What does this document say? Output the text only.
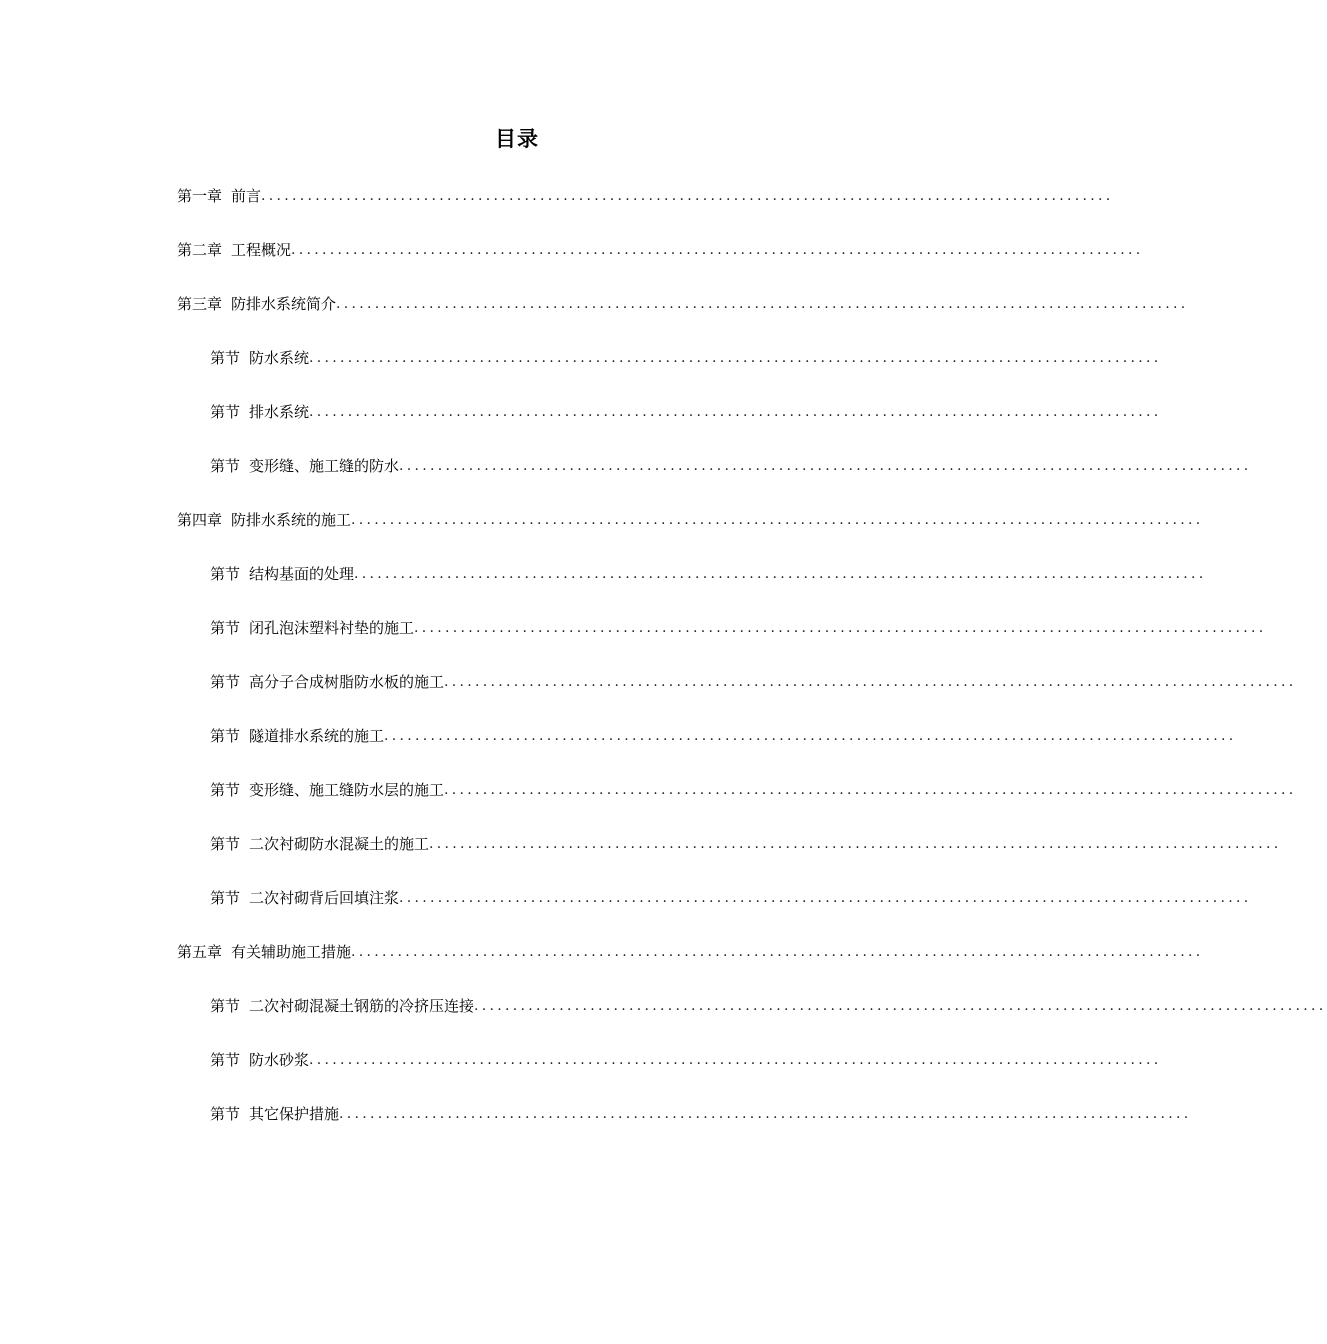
目录
第一章 前言 ..............................................................................................................
第二章 工程概况 ..............................................................................................................
第三章 防排水系统简介 ..............................................................................................................
第节 防水系统 ..............................................................................................................
第节 排水系统 ..............................................................................................................
第节 变形缝、施工缝的防水 ..............................................................................................................
第四章 防排水系统的施工 ..............................................................................................................
第节 结构基面的处理 ..............................................................................................................
第节 闭孔泡沫塑料衬垫的施工 ..............................................................................................................
第节 高分子合成树脂防水板的施工 ..............................................................................................................
第节 隧道排水系统的施工 ..............................................................................................................
第节 变形缝、施工缝防水层的施工 ..............................................................................................................
第节 二次衬砌防水混凝土的施工 ..............................................................................................................
第节 二次衬砌背后回填注浆 ..............................................................................................................
第五章 有关辅助施工措施 ..............................................................................................................
第节 二次衬砌混凝土钢筋的冷挤压连接 ..............................................................................................................
第节 防水砂浆 ..............................................................................................................
第节 其它保护措施 ..............................................................................................................
